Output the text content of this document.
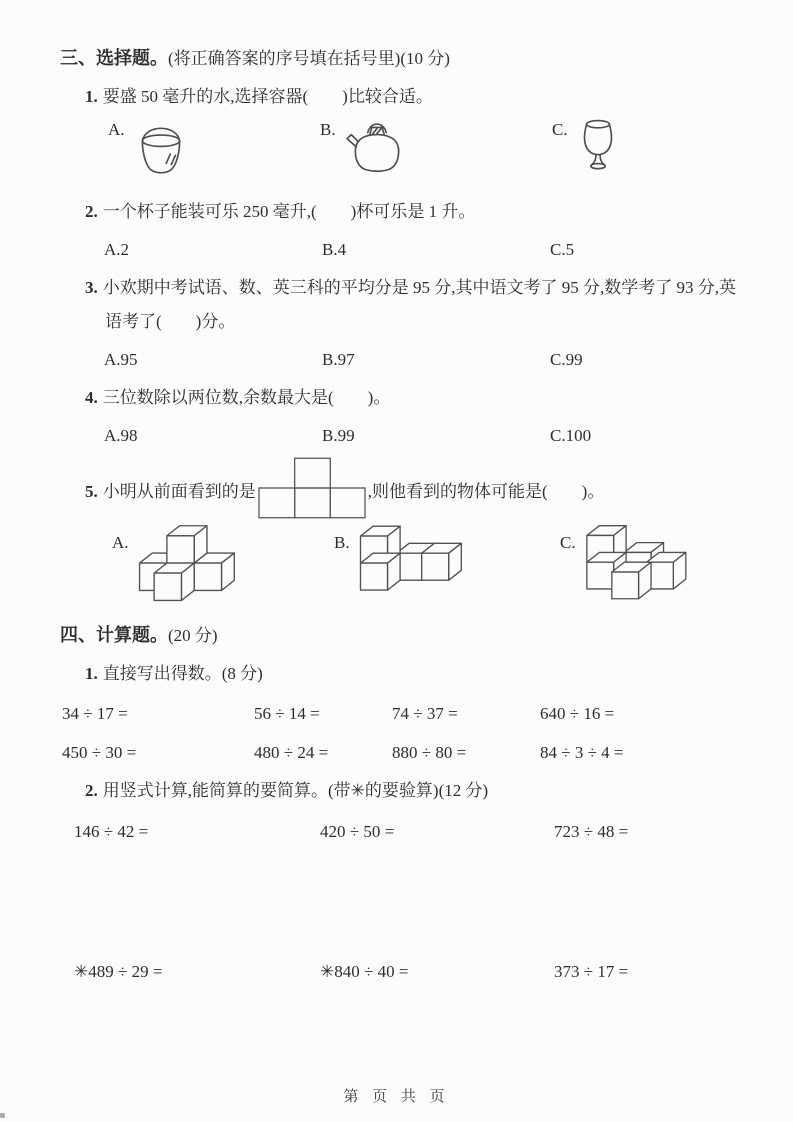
三、选择题。(将正确答案的序号填在括号里)(10 分)
1. 要盛 50 毫升的水,选择容器(　　)比较合适。
A.	B.	C.
2. 一个杯子能装可乐 250 毫升,(　　)杯可乐是 1 升。
A.2	B.4	C.5
3. 小欢期中考试语、数、英三科的平均分是 95 分,其中语文考了 95 分,数学考了 93 分,英语考了(　　)分。
A.95	B.97	C.99
4. 三位数除以两位数,余数最大是(　　)。
A.98	B.99	C.100
5. 小明从前面看到的是	,则他看到的物体可能是(　　)。
A.	B.	C.
四、计算题。(20 分)
1. 直接写出得数。(8 分)
34 ÷ 17 =	56 ÷ 14 =	74 ÷ 37 =	640 ÷ 16 =
450 ÷ 30 =	480 ÷ 24 =	880 ÷ 80 =	84 ÷ 3 ÷ 4 =
2. 用竖式计算,能简算的要简算。(带✳的要验算)(12 分)
146 ÷ 42 =	420 ÷ 50 =	723 ÷ 48 =
✳489 ÷ 29 =	✳840 ÷ 40 =	373 ÷ 17 =
第 页 共 页
